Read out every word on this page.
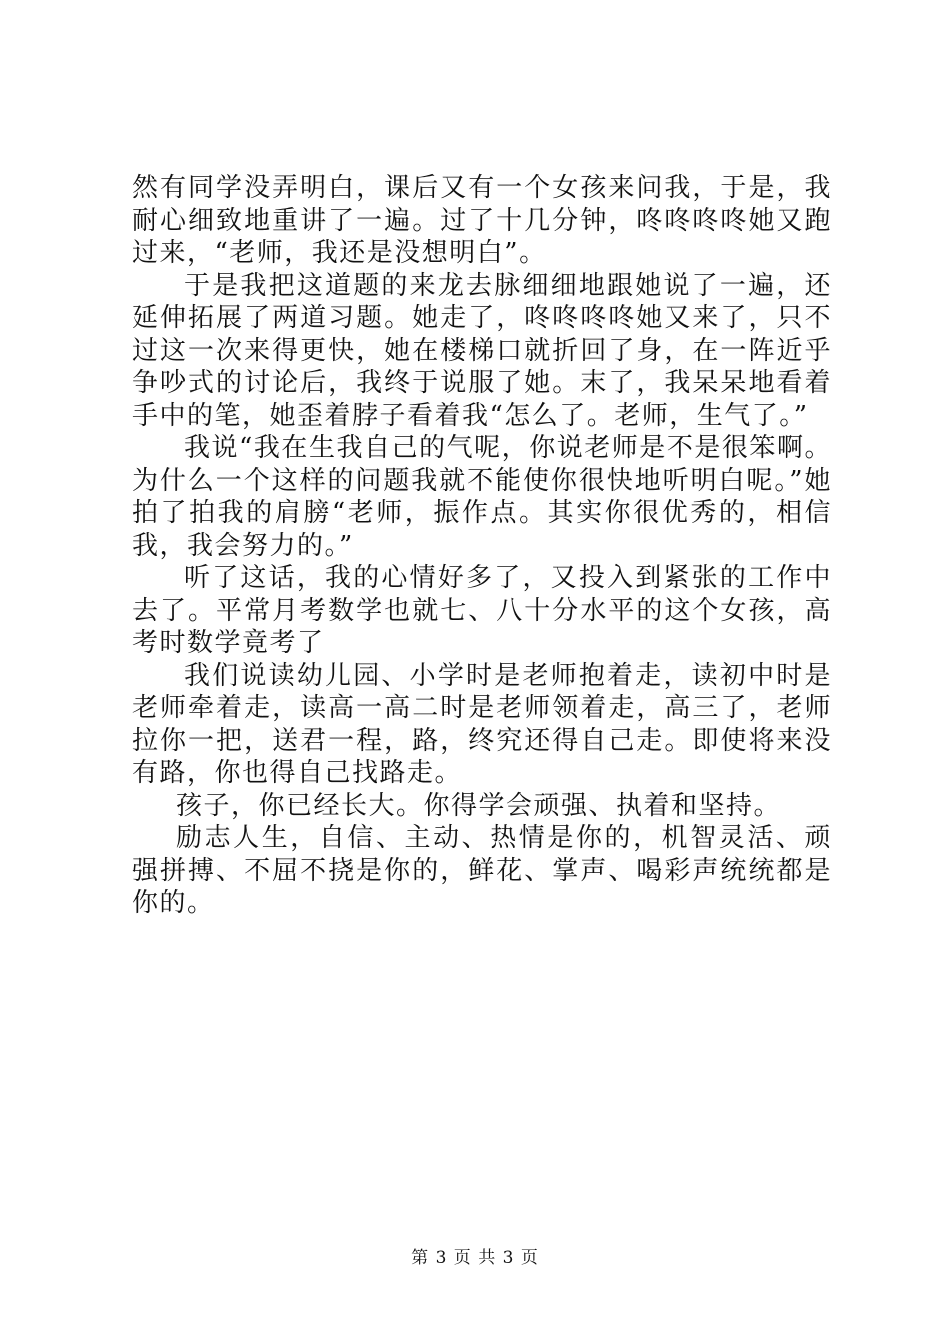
然有同学没弄明白，课后又有一个女孩来问我，于是，我耐心细致地重讲了一遍。过了十几分钟，咚咚咚咚她又跑过来，“老师，我还是没想明白”。

于是我把这道题的来龙去脉细细地跟她说了一遍，还延伸拓展了两道习题。她走了，咚咚咚咚她又来了，只不过这一次来得更快，她在楼梯口就折回了身，在一阵近乎争吵式的讨论后，我终于说服了她。末了，我呆呆地看着手中的笔，她歪着脖子看着我“怎么了。老师，生气了。”

我说“我在生我自己的气呢，你说老师是不是很笨啊。为什么一个这样的问题我就不能使你很快地听明白呢。”她拍了拍我的肩膀“老师，振作点。其实你很优秀的，相信我，我会努力的。”

听了这话，我的心情好多了，又投入到紧张的工作中去了。平常月考数学也就七、八十分水平的这个女孩，高考时数学竟考了

我们说读幼儿园、小学时是老师抱着走，读初中时是老师牵着走，读高一高二时是老师领着走，高三了，老师拉你一把，送君一程，路，终究还得自己走。即使将来没有路，你也得自己找路走。

孩子，你已经长大。你得学会顽强、执着和坚持。

励志人生，自信、主动、热情是你的，机智灵活、顽强拼搏、不屈不挠是你的，鲜花、掌声、喝彩声统统都是你的。

第 3 页 共 3 页
